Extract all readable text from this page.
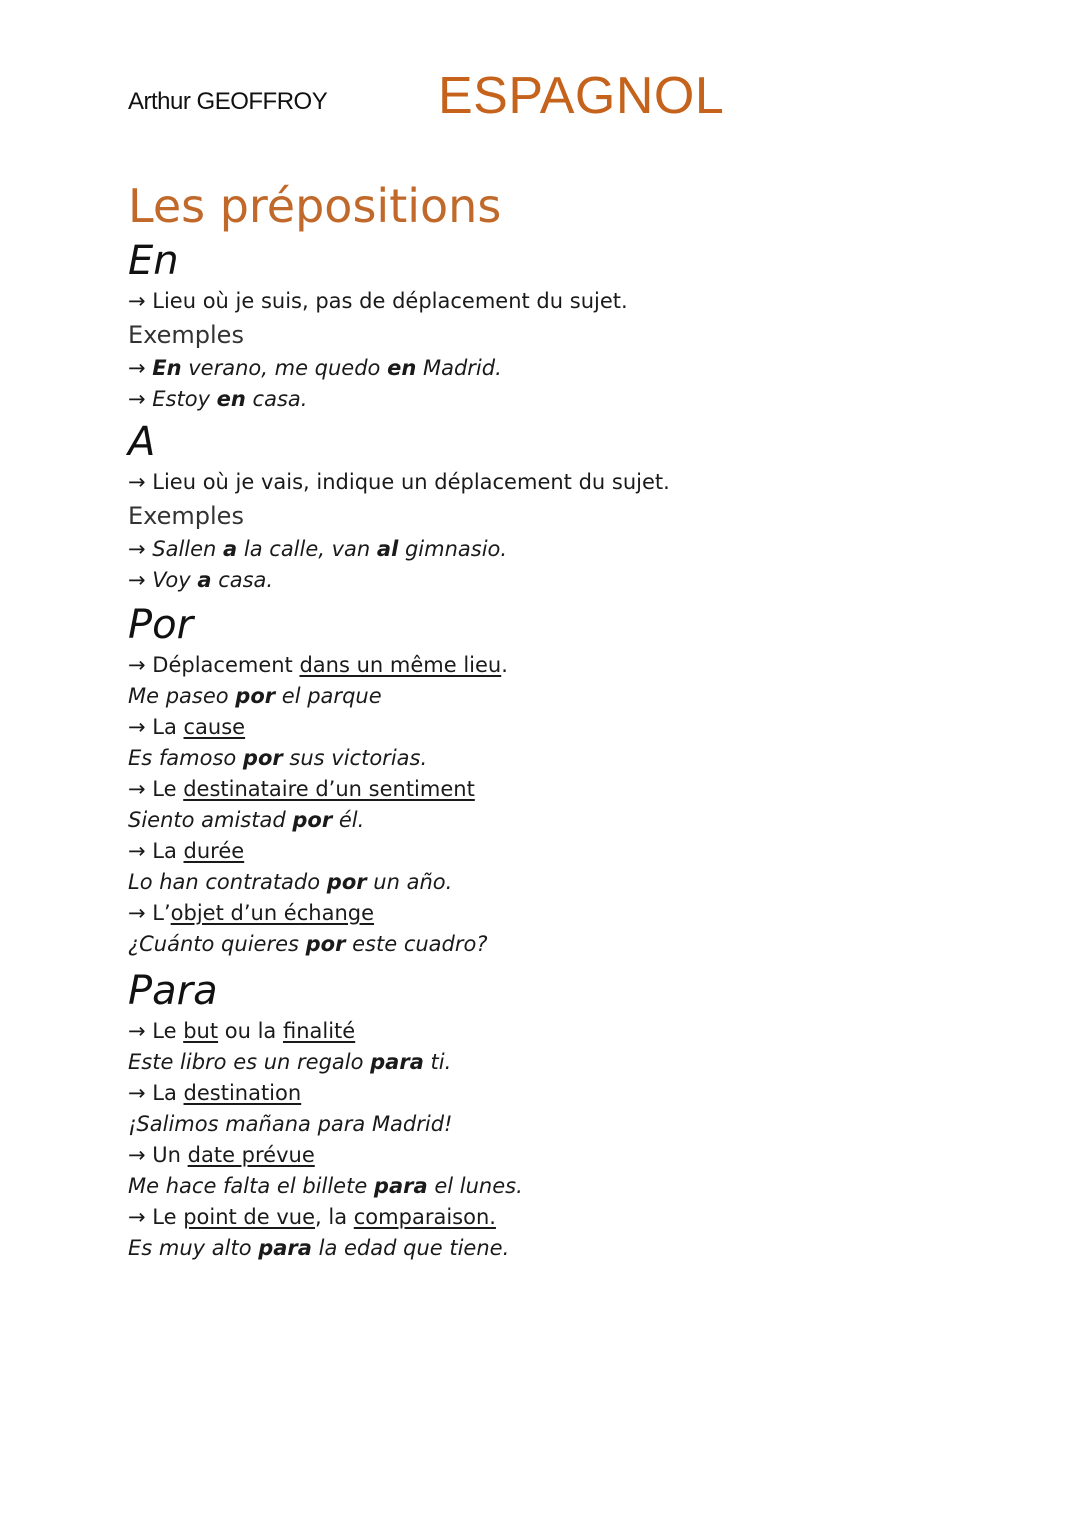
Arthur GEOFFROY ESPAGNOL
Les prépositions
En
→ Lieu où je suis, pas de déplacement du sujet.
Exemples
→ En verano, me quedo en Madrid.
→ Estoy en casa.
A
→ Lieu où je vais, indique un déplacement du sujet.
Exemples
→ Sallen a la calle, van al gimnasio.
→ Voy a casa.
Por
→ Déplacement dans un même lieu.
Me paseo por el parque
→ La cause
Es famoso por sus victorias.
→ Le destinataire d’un sentiment
Siento amistad por él.
→ La durée
Lo han contratado por un año.
→ L’objet d’un échange
¿Cuánto quieres por este cuadro?
Para
→ Le but ou la finalité
Este libro es un regalo para ti.
→ La destination
¡Salimos mañana para Madrid!
→ Un date prévue
Me hace falta el billete para el lunes.
→ Le point de vue, la comparaison.
Es muy alto para la edad que tiene.
